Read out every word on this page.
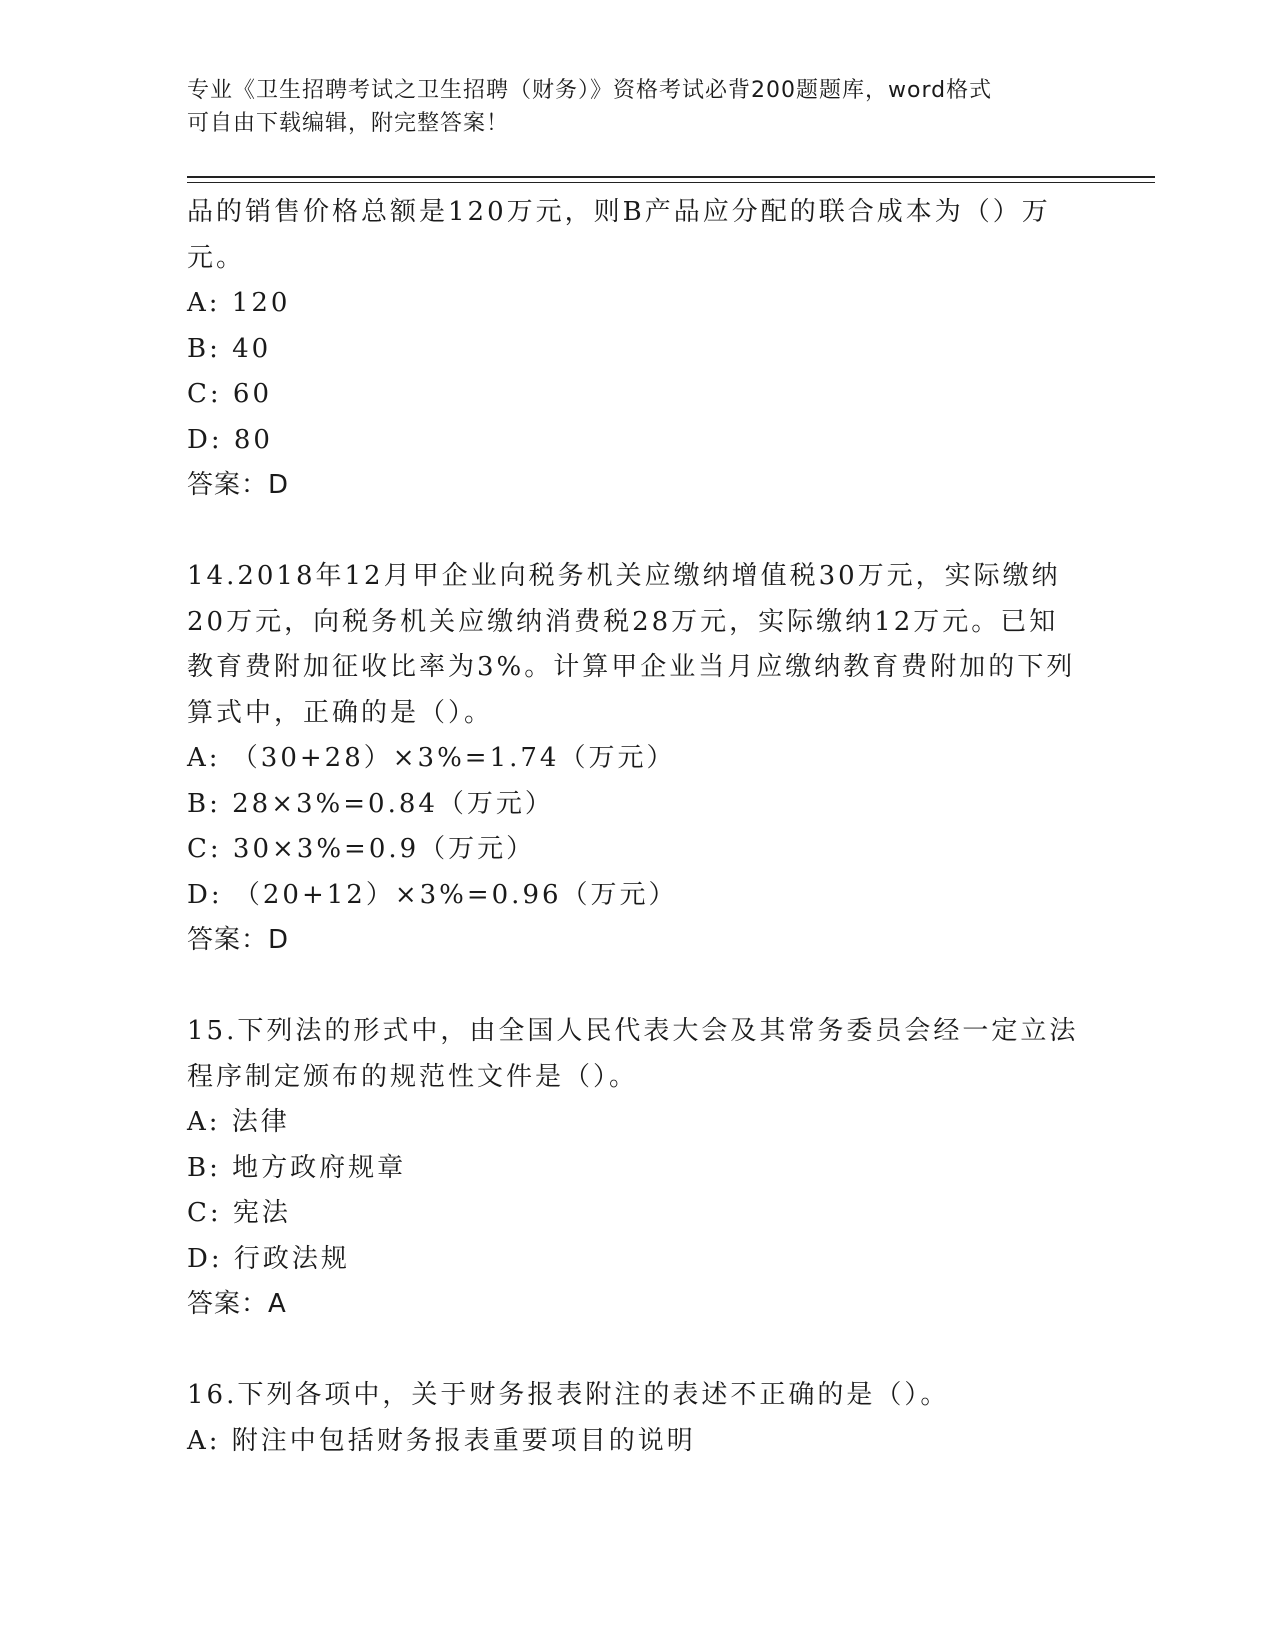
专业《卫生招聘考试之卫生招聘（财务）》资格考试必背200题题库，word格式
可自由下载编辑，附完整答案！
品的销售价格总额是120万元，则B产品应分配的联合成本为（）万
元。
A: 120
B: 40
C: 60
D: 80
答案：D
14.2018年12月甲企业向税务机关应缴纳增值税30万元，实际缴纳
20万元，向税务机关应缴纳消费税28万元，实际缴纳12万元。已知
教育费附加征收比率为3%。计算甲企业当月应缴纳教育费附加的下列
算式中，正确的是（）。
A: （30+28）×3%=1.74（万元）
B: 28×3%=0.84（万元）
C: 30×3%=0.9（万元）
D: （20+12）×3%=0.96（万元）
答案：D
15.下列法的形式中，由全国人民代表大会及其常务委员会经一定立法
程序制定颁布的规范性文件是（）。
A: 法律
B: 地方政府规章
C: 宪法
D: 行政法规
答案：A
16.下列各项中，关于财务报表附注的表述不正确的是（）。
A: 附注中包括财务报表重要项目的说明
